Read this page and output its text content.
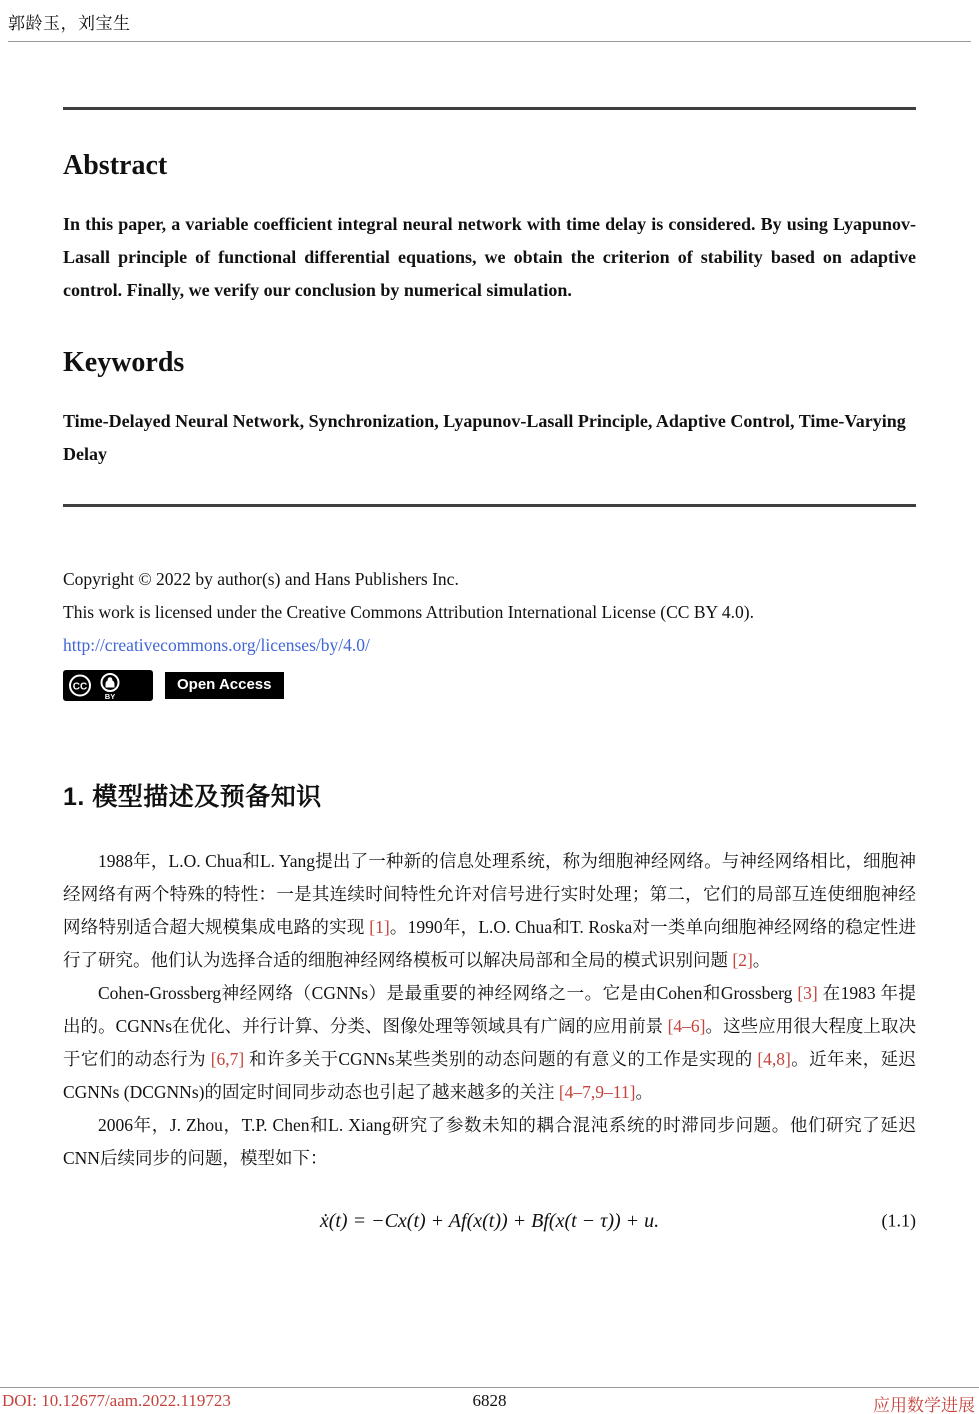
郭龄玉，刘宝生
Abstract

In this paper, a variable coefficient integral neural network with time delay is considered. By using Lyapunov-Lasall principle of functional differential equations, we obtain the criterion of stability based on adaptive control. Finally, we verify our conclusion by numerical simulation.

Keywords

Time-Delayed Neural Network, Synchronization, Lyapunov-Lasall Principle, Adaptive Control, Time-Varying Delay

Copyright © 2022 by author(s) and Hans Publishers Inc.
This work is licensed under the Creative Commons Attribution International License (CC BY 4.0).
http://creativecommons.org/licenses/by/4.0/
CC
BY
Open Access
1. 模型描述及预备知识

1988年，L.O. Chua和L. Yang提出了一种新的信息处理系统，称为细胞神经网络。与神经网络相比，细胞神经网络有两个特殊的特性：一是其连续时间特性允许对信号进行实时处理；第二，它们的局部互连使细胞神经网络特别适合超大规模集成电路的实现 [1]。1990年，L.O. Chua和T. Roska对一类单向细胞神经网络的稳定性进行了研究。他们认为选择合适的细胞神经网络模板可以解决局部和全局的模式识别问题 [2]。

Cohen-Grossberg神经网络（CGNNs）是最重要的神经网络之一。它是由Cohen和Grossberg [3] 在1983 年提出的。CGNNs在优化、并行计算、分类、图像处理等领域具有广阔的应用前景 [4–6]。这些应用很大程度上取决于它们的动态行为 [6,7] 和许多关于CGNNs某些类别的动态问题的有意义的工作是实现的 [4,8]。近年来，延迟CGNNs (DCGNNs)的固定时间同步动态也引起了越来越多的关注 [4–7,9–11]。

2006年，J. Zhou，T.P. Chen和L. Xiang研究了参数未知的耦合混沌系统的时滞同步问题。他们研究了延迟CNN后续同步的问题，模型如下：

ẋ(t) = −Cx(t) + Af(x(t)) + Bf(x(t − τ)) + u.	(1.1)
DOI: 10.12677/aam.2022.119723	6828	应用数学进展
